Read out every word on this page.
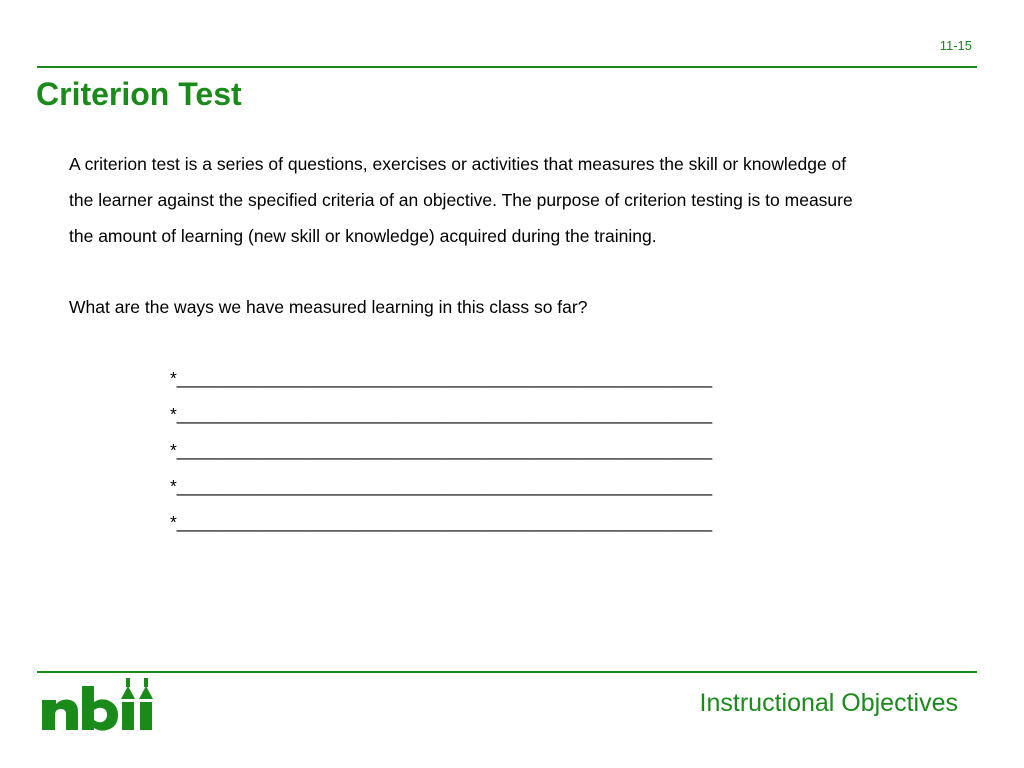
11-15
Criterion Test
A criterion test is a series of questions, exercises or activities that measures the skill or knowledge of
the learner against the specified criteria of an objective. The purpose of criterion testing is to measure
the amount of learning (new skill or knowledge) acquired during the training.

What are the ways we have measured learning in this class so far?

*_______________________________________________________
*_______________________________________________________
*_______________________________________________________
*_______________________________________________________
*_______________________________________________________
Instructional Objectives
